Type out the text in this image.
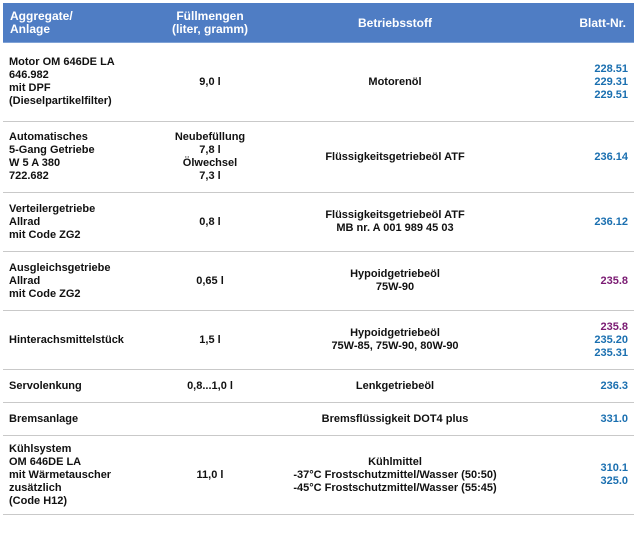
Aggregate/
Anlage	Füllmengen
(liter, gramm)	Betriebsstoff	Blatt-Nr.

Motor OM 646DE LA
646.982
mit DPF
(Dieselpartikelfilter)	9,0 l	Motorenöl	228.51
229.31
229.51

Automatisches
5-Gang Getriebe
W 5 A 380
722.682	Neubefüllung
7,8 l
Ölwechsel
7,3 l	Flüssigkeitsgetriebeöl ATF	236.14

Verteilergetriebe
Allrad
mit Code ZG2	0,8 l	Flüssigkeitsgetriebeöl ATF
MB nr. A 001 989 45 03	236.12

Ausgleichsgetriebe
Allrad
mit Code ZG2	0,65 l	Hypoidgetriebeöl
75W-90	235.8

Hinterachsmittelstück	1,5 l	Hypoidgetriebeöl
75W-85, 75W-90, 80W-90	235.8
235.20
235.31

Servolenkung	0,8...1,0 l	Lenkgetriebeöl	236.3

Bremsanlage		Bremsflüssigkeit DOT4 plus	331.0

Kühlsystem
OM 646DE LA
mit Wärmetauscher
zusätzlich
(Code H12)	11,0 l	Kühlmittel
-37°C Frostschutzmittel/Wasser (50:50)
-45°C Frostschutzmittel/Wasser (55:45)	310.1
325.0
